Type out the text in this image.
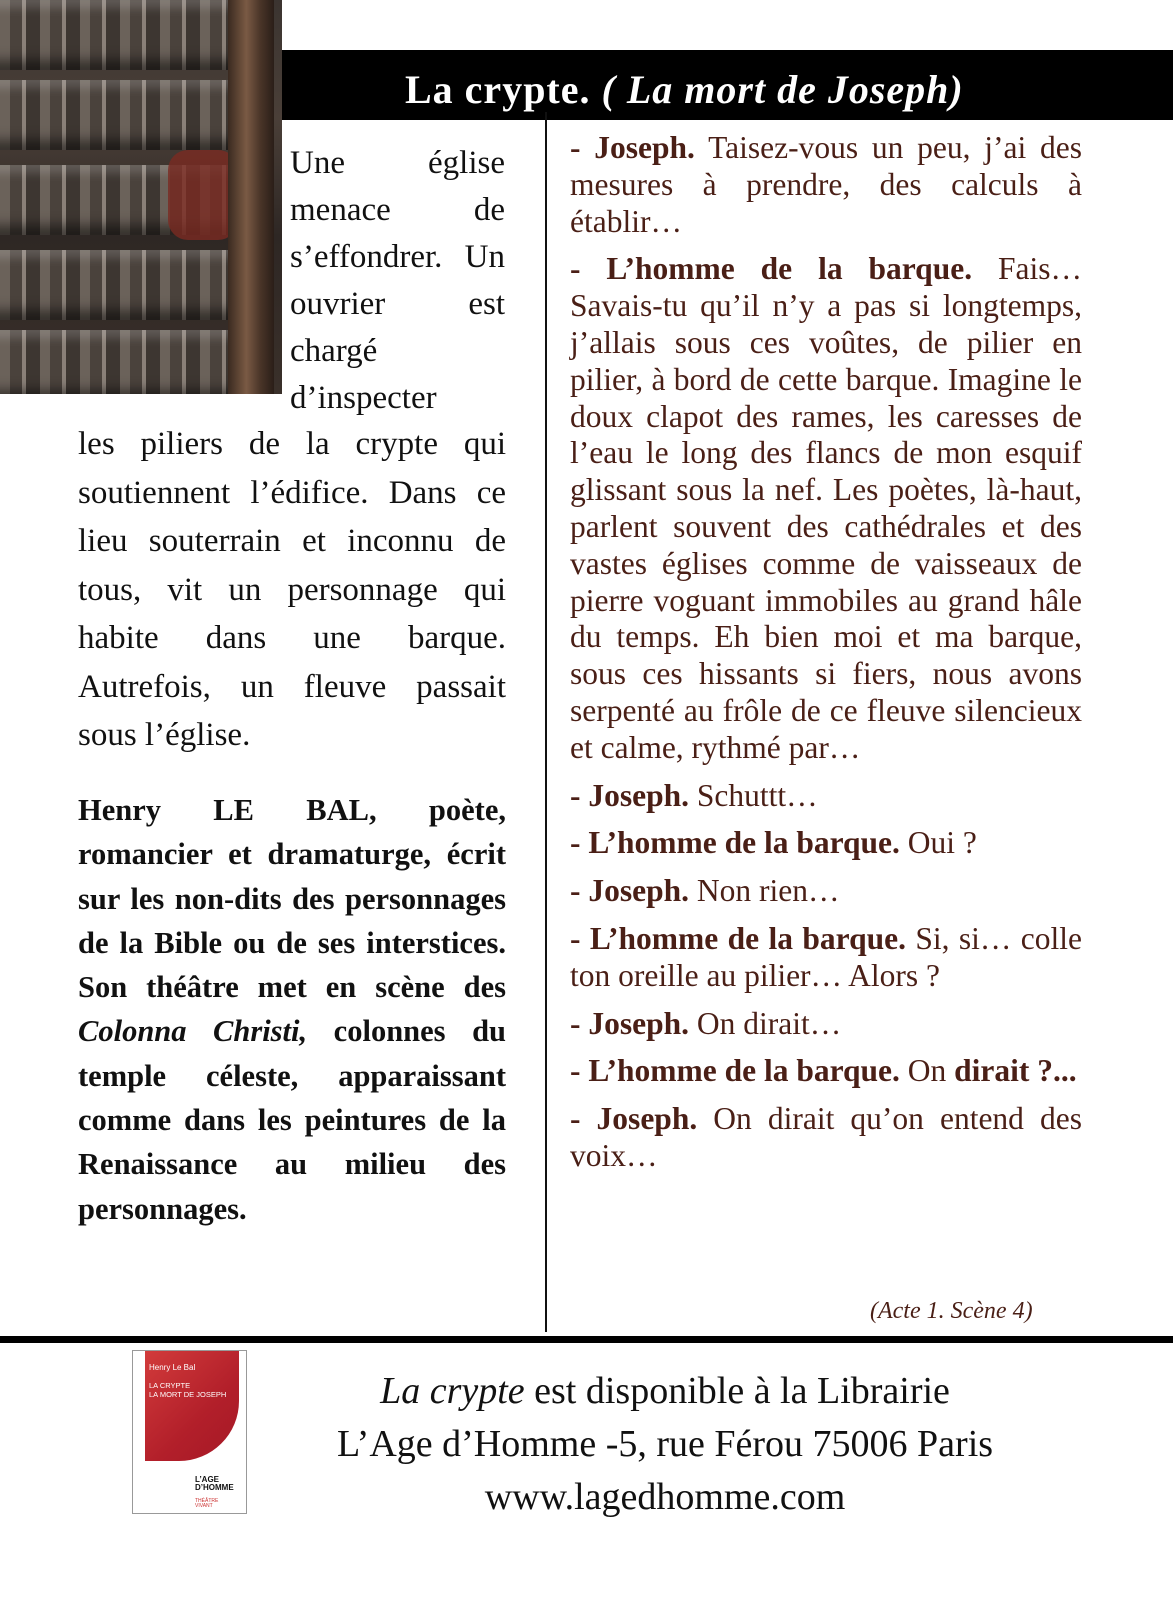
La crypte. ( La mort de Joseph)
Une église menace de s’effondrer. Un ouvrier est chargé d’inspecter
les piliers de la crypte qui soutiennent l’édifice. Dans ce lieu souterrain et inconnu de tous, vit un personnage qui habite dans une barque. Autrefois, un fleuve passait sous l’église.
Henry LE BAL, poète, romancier et dramaturge, écrit sur les non-dits des personnages de la Bible ou de ses interstices. Son théâtre met en scène des Colonna Christi, colonnes du temple céleste, apparaissant comme dans les peintures de la Renaissance au milieu des personnages.

- Joseph. Taisez-vous un peu, j’ai des mesures à prendre, des calculs à établir…

- L’homme de la barque. Fais… Savais-tu qu’il n’y a pas si longtemps, j’allais sous ces voûtes, de pilier en pilier, à bord de cette barque. Imagine le doux clapot des rames, les caresses de l’eau le long des flancs de mon esquif glissant sous la nef. Les poètes, là-haut, parlent souvent des cathédrales et des vastes églises comme de vaisseaux de pierre voguant immobiles au grand hâle du temps. Eh bien moi et ma barque, sous ces hissants si fiers, nous avons serpenté au frôle de ce fleuve silencieux et calme, rythmé par…

- Joseph. Schuttt…

- L’homme de la barque. Oui ?

- Joseph. Non rien…

- L’homme de la barque. Si, si… colle ton oreille au pilier… Alors ?

- Joseph. On dirait…

- L’homme de la barque. On dirait ?...

- Joseph. On dirait qu’on entend des voix…

(Acte 1. Scène 4)
Henry Le Bal
LA CRYPTE
LA MORT DE JOSEPH
L’AGE
D’HOMME
THÉÂTRE
VIVANT
La crypte est disponible à la Librairie
L’Age d’Homme -5, rue Férou 75006 Paris
www.lagedhomme.com
